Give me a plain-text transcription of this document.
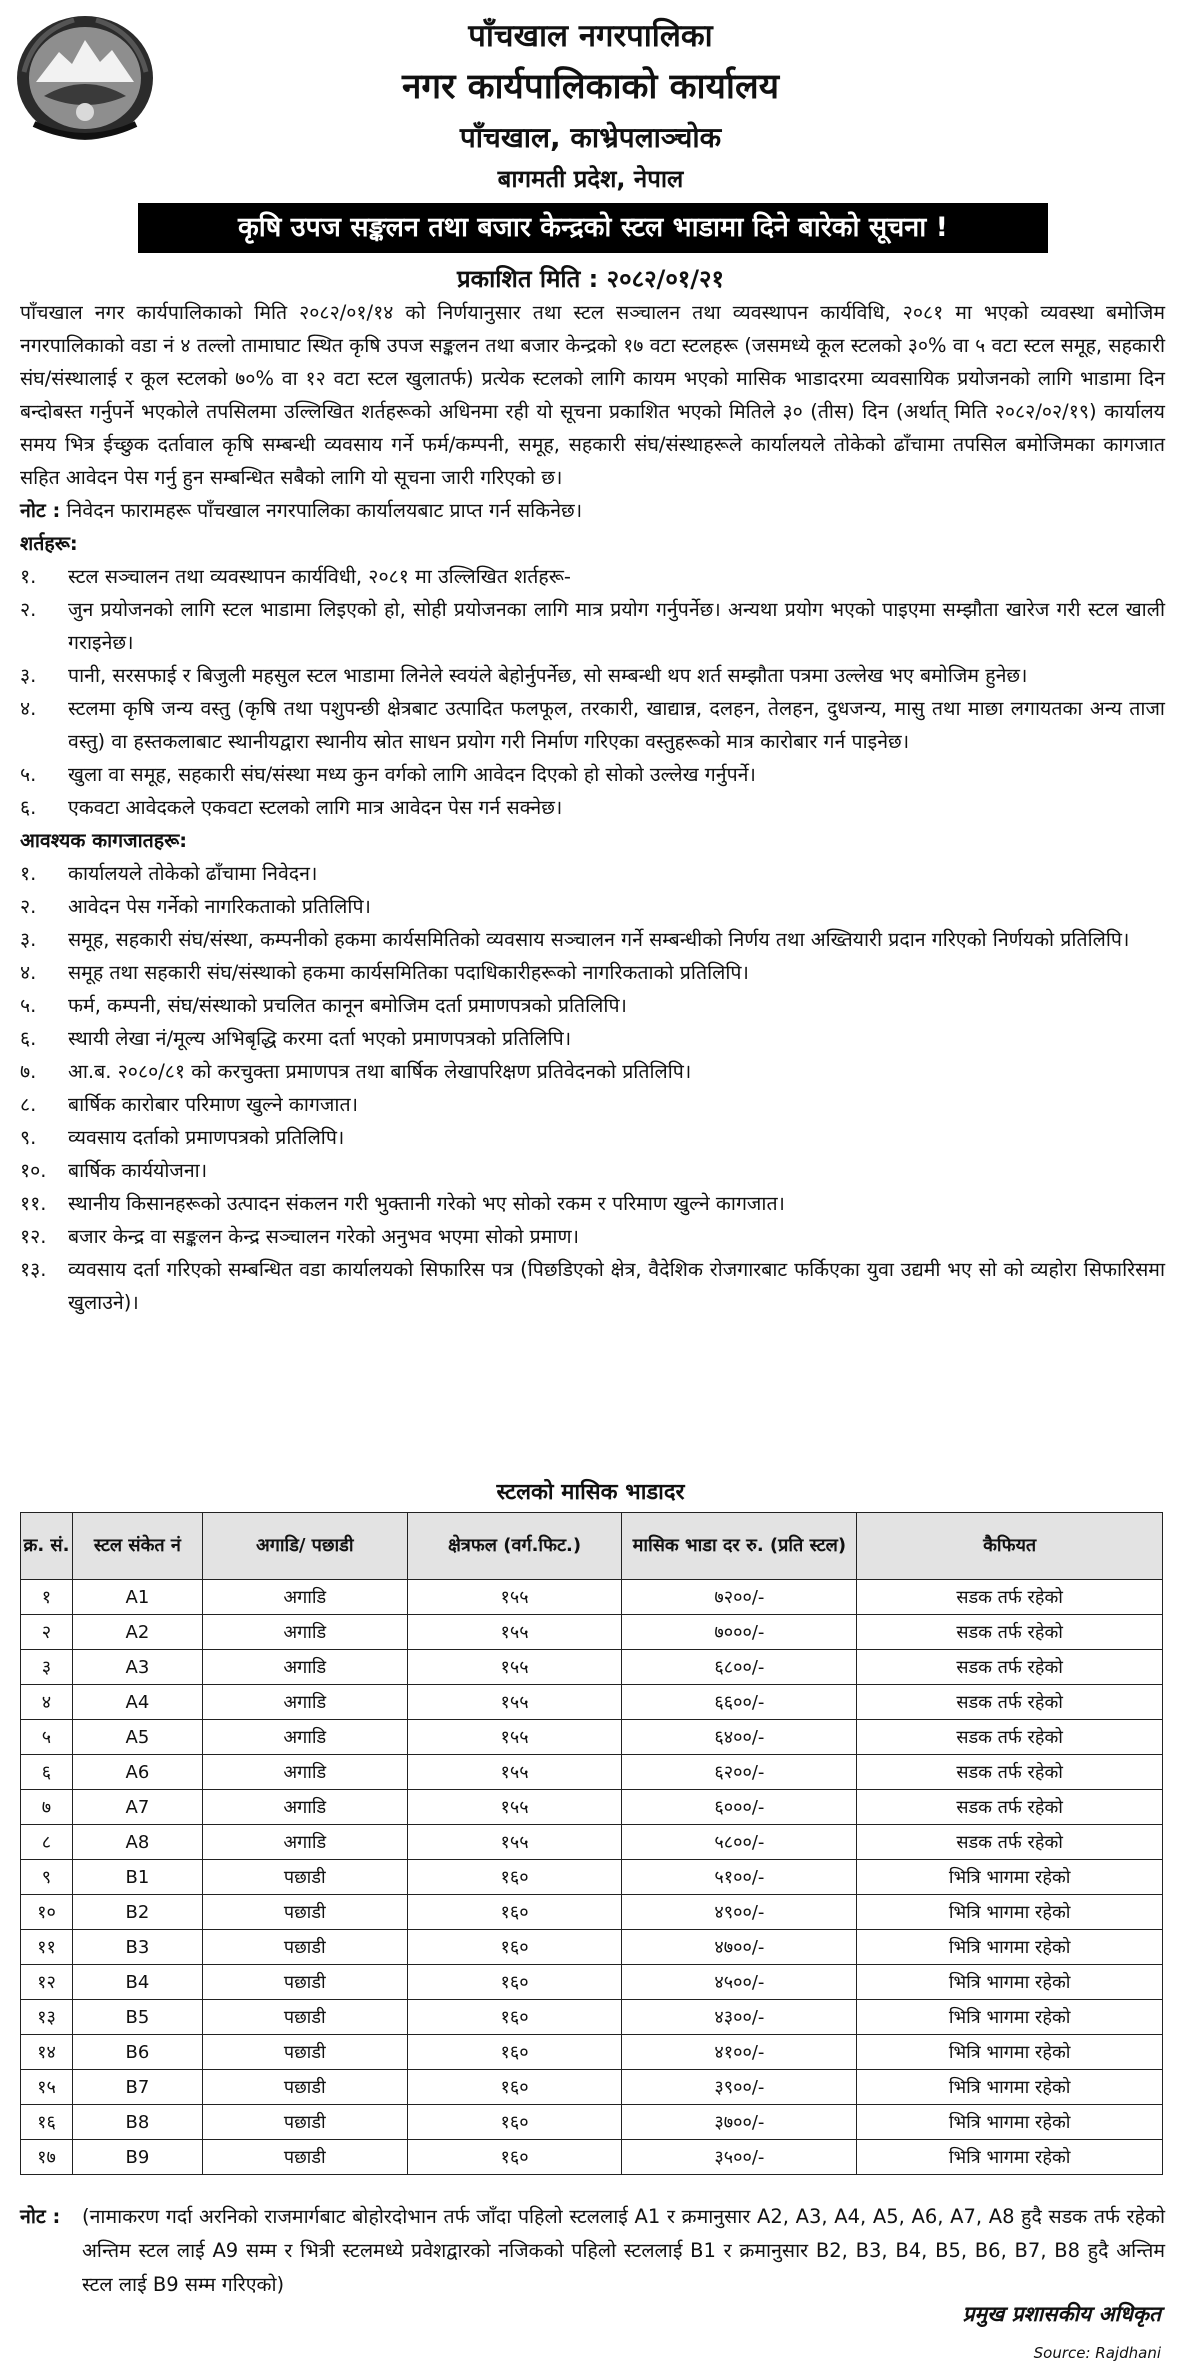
पाँचखाल नगरपालिका
नगर कार्यपालिकाको कार्यालय
पाँचखाल, काभ्रेपलाञ्चोक
बागमती प्रदेश, नेपाल
कृषि उपज सङ्कलन तथा बजार केन्द्रको स्टल भाडामा दिने बारेको सूचना !
प्रकाशित मिति : २०८२/०१/२१

पाँचखाल नगर कार्यपालिकाको मिति २०८२/०१/१४ को निर्णयानुसार तथा स्टल सञ्चालन तथा व्यवस्थापन कार्यविधि, २०८१ मा भएको व्यवस्था बमोजिम नगरपालिकाको वडा नं ४ तल्लो तामाघाट स्थित कृषि उपज सङ्कलन तथा बजार केन्द्रको १७ वटा स्टलहरू (जसमध्ये कूल स्टलको ३०% वा ५ वटा स्टल समूह, सहकारी संघ/संस्थालाई र कूल स्टलको ७०% वा १२ वटा स्टल खुलातर्फ) प्रत्येक स्टलको लागि कायम भएको मासिक भाडादरमा व्यवसायिक प्रयोजनको लागि भाडामा दिन बन्दोबस्त गर्नुपर्ने भएकोले तपसिलमा उल्लिखित शर्तहरूको अधिनमा रही यो सूचना प्रकाशित भएको मितिले ३० (तीस) दिन (अर्थात् मिति २०८२/०२/१९) कार्यालय समय भित्र ईच्छुक दर्तावाल कृषि सम्बन्धी व्यवसाय गर्ने फर्म/कम्पनी, समूह, सहकारी संघ/संस्थाहरूले कार्यालयले तोकेको ढाँचामा तपसिल बमोजिमका कागजात सहित आवेदन पेस गर्नु हुन सम्बन्धित सबैको लागि यो सूचना जारी गरिएको छ।

नोट : निवेदन फारामहरू पाँचखाल नगरपालिका कार्यालयबाट प्राप्त गर्न सकिनेछ।

शर्तहरू:

१.	स्टल सञ्चालन तथा व्यवस्थापन कार्यविधी, २०८१ मा उल्लिखित शर्तहरू-
२.	जुन प्रयोजनको लागि स्टल भाडामा लिइएको हो, सोही प्रयोजनका लागि मात्र प्रयोग गर्नुपर्नेछ। अन्यथा प्रयोग भएको पाइएमा सम्झौता खारेज गरी स्टल खाली गराइनेछ।
३.	पानी, सरसफाई र बिजुली महसुल स्टल भाडामा लिनेले स्वयंले बेहोर्नुपर्नेछ, सो सम्बन्धी थप शर्त सम्झौता पत्रमा उल्लेख भए बमोजिम हुनेछ।
४.	स्टलमा कृषि जन्य वस्तु (कृषि तथा पशुपन्छी क्षेत्रबाट उत्पादित फलफूल, तरकारी, खाद्यान्न, दलहन, तेलहन, दुधजन्य, मासु तथा माछा लगायतका अन्य ताजा वस्तु) वा हस्तकलाबाट स्थानीयद्वारा स्थानीय स्रोत साधन प्रयोग गरी निर्माण गरिएका वस्तुहरूको मात्र कारोबार गर्न पाइनेछ।
५.	खुला वा समूह, सहकारी संघ/संस्था मध्य कुन वर्गको लागि आवेदन दिएको हो सोको उल्लेख गर्नुपर्ने।
६.	एकवटा आवेदकले एकवटा स्टलको लागि मात्र आवेदन पेस गर्न सक्नेछ।

आवश्यक कागजातहरू:

१.	कार्यालयले तोकेको ढाँचामा निवेदन।
२.	आवेदन पेस गर्नेको नागरिकताको प्रतिलिपि।
३.	समूह, सहकारी संघ/संस्था, कम्पनीको हकमा कार्यसमितिको व्यवसाय सञ्चालन गर्ने सम्बन्धीको निर्णय तथा अख्तियारी प्रदान गरिएको निर्णयको प्रतिलिपि।
४.	समूह तथा सहकारी संघ/संस्थाको हकमा कार्यसमितिका पदाधिकारीहरूको नागरिकताको प्रतिलिपि।
५.	फर्म, कम्पनी, संघ/संस्थाको प्रचलित कानून बमोजिम दर्ता प्रमाणपत्रको प्रतिलिपि।
६.	स्थायी लेखा नं/मूल्य अभिबृद्धि करमा दर्ता भएको प्रमाणपत्रको प्रतिलिपि।
७.	आ.ब. २०८०/८१ को करचुक्ता प्रमाणपत्र तथा बार्षिक लेखापरिक्षण प्रतिवेदनको प्रतिलिपि।
८.	बार्षिक कारोबार परिमाण खुल्ने कागजात।
९.	व्यवसाय दर्ताको प्रमाणपत्रको प्रतिलिपि।
१०.	बार्षिक कार्ययोजना।
११.	स्थानीय किसानहरूको उत्पादन संकलन गरी भुक्तानी गरेको भए सोको रकम र परिमाण खुल्ने कागजात।
१२.	बजार केन्द्र वा सङ्कलन केन्द्र सञ्चालन गरेको अनुभव भएमा सोको प्रमाण।
१३.	व्यवसाय दर्ता गरिएको सम्बन्धित वडा कार्यालयको सिफारिस पत्र (पिछडिएको क्षेत्र, वैदेशिक रोजगारबाट फर्किएका युवा उद्यमी भए सो को व्यहोरा सिफारिसमा खुलाउने)।
स्टलको मासिक भाडादर
क्र. सं.	स्टल संकेत नं	अगाडि/ पछाडी	क्षेत्रफल (वर्ग.फिट.)	मासिक भाडा दर रु. (प्रति स्टल)	कैफियत
१	A1	अगाडि	१५५	७२००/-	सडक तर्फ रहेको
२	A2	अगाडि	१५५	७०००/-	सडक तर्फ रहेको
३	A3	अगाडि	१५५	६८००/-	सडक तर्फ रहेको
४	A4	अगाडि	१५५	६६००/-	सडक तर्फ रहेको
५	A5	अगाडि	१५५	६४००/-	सडक तर्फ रहेको
६	A6	अगाडि	१५५	६२००/-	सडक तर्फ रहेको
७	A7	अगाडि	१५५	६०००/-	सडक तर्फ रहेको
८	A8	अगाडि	१५५	५८००/-	सडक तर्फ रहेको
९	B1	पछाडी	१६०	५१००/-	भित्रि भागमा रहेको
१०	B2	पछाडी	१६०	४९००/-	भित्रि भागमा रहेको
११	B3	पछाडी	१६०	४७००/-	भित्रि भागमा रहेको
१२	B4	पछाडी	१६०	४५००/-	भित्रि भागमा रहेको
१३	B5	पछाडी	१६०	४३००/-	भित्रि भागमा रहेको
१४	B6	पछाडी	१६०	४१००/-	भित्रि भागमा रहेको
१५	B7	पछाडी	१६०	३९००/-	भित्रि भागमा रहेको
१६	B8	पछाडी	१६०	३७००/-	भित्रि भागमा रहेको
१७	B9	पछाडी	१६०	३५००/-	भित्रि भागमा रहेको
नोट :	(नामाकरण गर्दा अरनिको राजमार्गबाट बोहोरदोभान तर्फ जाँदा पहिलो स्टललाई A1 र क्रमानुसार A2, A3, A4, A5, A6, A7, A8 हुदै सडक तर्फ रहेको अन्तिम स्टल लाई A9 सम्म र भित्री स्टलमध्ये प्रवेशद्वारको नजिकको पहिलो स्टललाई B1 र क्रमानुसार B2, B3, B4, B5, B6, B7, B8 हुदै अन्तिम स्टल लाई B9 सम्म गरिएको)
प्रमुख प्रशासकीय अधिकृत
Source: Rajdhani
